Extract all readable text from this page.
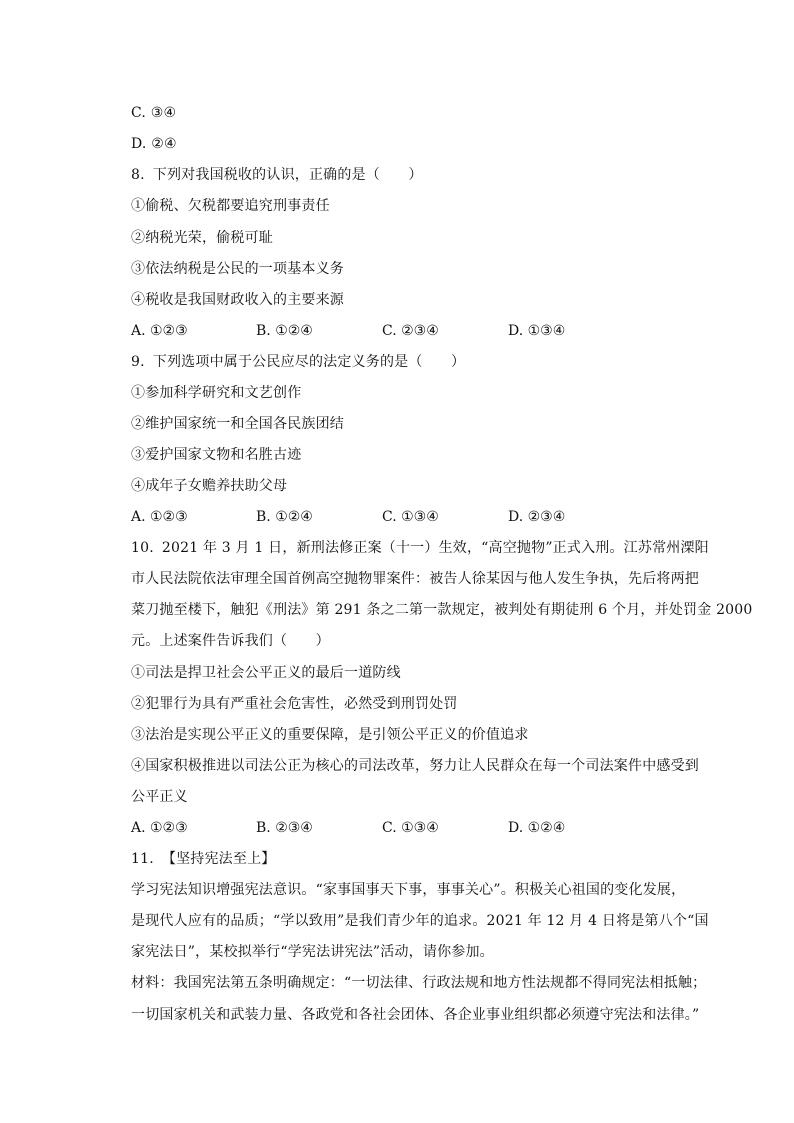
C. ③④
D. ②④
8. 下列对我国税收的认识，正确的是（　　）
①偷税、欠税都要追究刑事责任
②纳税光荣，偷税可耻
③依法纳税是公民的一项基本义务
④税收是我国财政收入的主要来源
A. ①②③	B. ①②④	C. ②③④	D. ①③④
9. 下列选项中属于公民应尽的法定义务的是（　　）
①参加科学研究和文艺创作
②维护国家统一和全国各民族团结
③爱护国家文物和名胜古迹
④成年子女赡养扶助父母
A. ①②③	B. ①②④	C. ①③④	D. ②③④
10. 2021 年 3 月 1 日，新刑法修正案（十一）生效，“高空抛物”正式入刑。江苏常州溧阳
市人民法院依法审理全国首例高空抛物罪案件：被告人徐某因与他人发生争执，先后将两把
菜刀抛至楼下，触犯《刑法》第 291 条之二第一款规定，被判处有期徒刑 6 个月，并处罚金 2000
元。上述案件告诉我们（　　）
①司法是捍卫社会公平正义的最后一道防线
②犯罪行为具有严重社会危害性，必然受到刑罚处罚
③法治是实现公平正义的重要保障，是引领公平正义的价值追求
④国家积极推进以司法公正为核心的司法改革，努力让人民群众在每一个司法案件中感受到
公平正义
A. ①②③	B. ②③④	C. ①③④	D. ①②④
11. 【坚持宪法至上】
学习宪法知识增强宪法意识。“家事国事天下事，事事关心”。积极关心祖国的变化发展，
是现代人应有的品质；“学以致用”是我们青少年的追求。2021 年 12 月 4 日将是第八个“国
家宪法日”，某校拟举行“学宪法讲宪法”活动，请你参加。
材料：我国宪法第五条明确规定：“一切法律、行政法规和地方性法规都不得同宪法相抵触；
一切国家机关和武装力量、各政党和各社会团体、各企业事业组织都必须遵守宪法和法律。”
